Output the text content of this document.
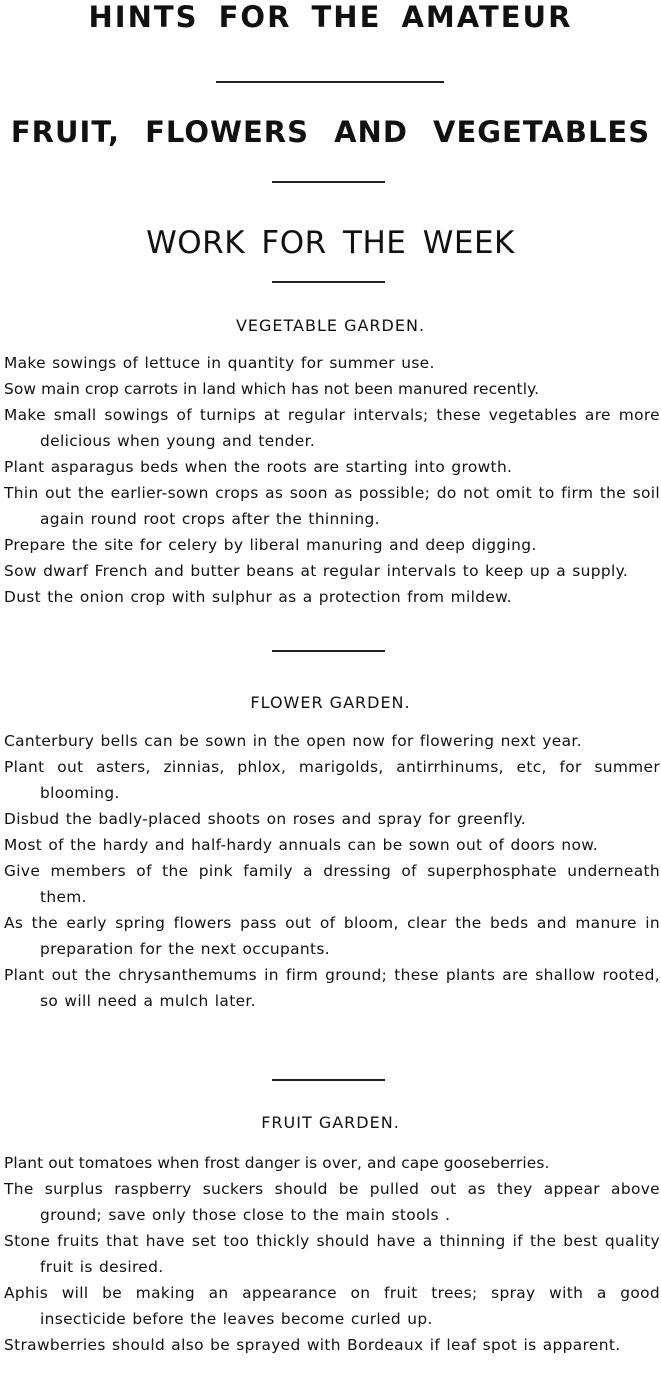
HINTS FOR THE AMATEUR
FRUIT, FLOWERS AND VEGETABLES
WORK FOR THE WEEK
VEGETABLE GARDEN.
Make sowings of lettuce in quantity for summer use.
Sow main crop carrots in land which has not been manured recently.
Make small sowings of turnips at regular intervals; these vegetables are more delicious when young and tender.
Plant asparagus beds when the roots are starting into growth.
Thin out the earlier-sown crops as soon as possible; do not omit to firm the soil again round root crops after the thinning.
Prepare the site for celery by liberal manuring and deep digging.
Sow dwarf French and butter beans at regular intervals to keep up a supply.
Dust the onion crop with sulphur as a protection from mildew.
FLOWER GARDEN.
Canterbury bells can be sown in the open now for flowering next year.
Plant out asters, zinnias, phlox, marigolds, antirrhinums, etc, for summer blooming.
Disbud the badly-placed shoots on roses and spray for greenfly.
Most of the hardy and half-hardy annuals can be sown out of doors now.
Give members of the pink family a dressing of superphosphate underneath them.
As the early spring flowers pass out of bloom, clear the beds and manure in preparation for the next occupants.
Plant out the chrysanthemums in firm ground; these plants are shallow rooted, so will need a mulch later.
FRUIT GARDEN.
Plant out tomatoes when frost danger is over, and cape gooseberries.
The surplus raspberry suckers should be pulled out as they appear above ground; save only those close to the main stools .
Stone fruits that have set too thickly should have a thinning if the best quality fruit is desired.
Aphis will be making an appearance on fruit trees; spray with a good insecticide before the leaves become curled up.
Strawberries should also be sprayed with Bordeaux if leaf spot is apparent.
